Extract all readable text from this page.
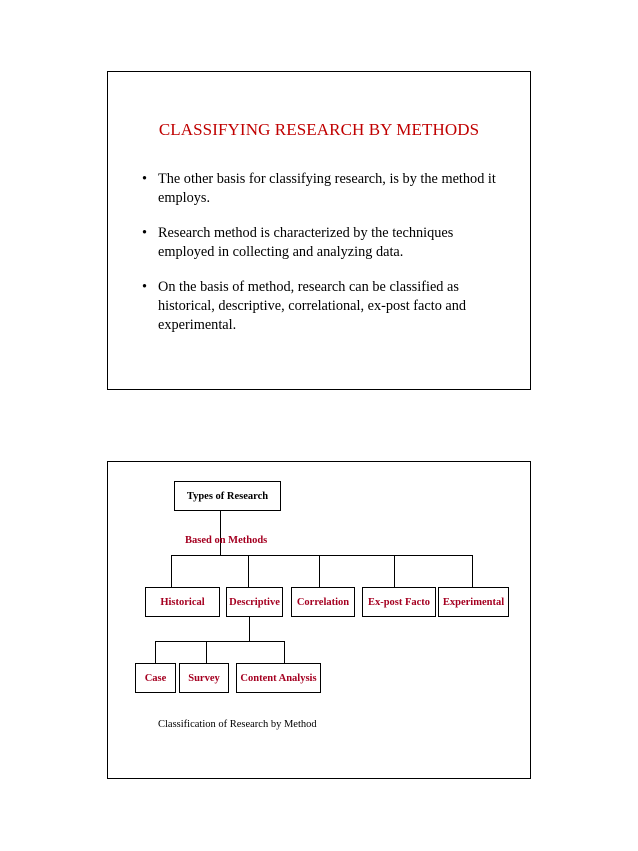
CLASSIFYING RESEARCH BY METHODS
• The other basis for classifying research, is by the method it
employs.
• Research method is characterized by the techniques
employed in collecting and analyzing data.
• On the basis of method, research can be classified as
historical, descriptive, correlational, ex-post facto and
experimental.
Types of Research
Based on Methods
Historical	Descriptive	Correlation	Ex-post Facto	Experimental
Case	Survey	Content Analysis
Classification of Research by Method
